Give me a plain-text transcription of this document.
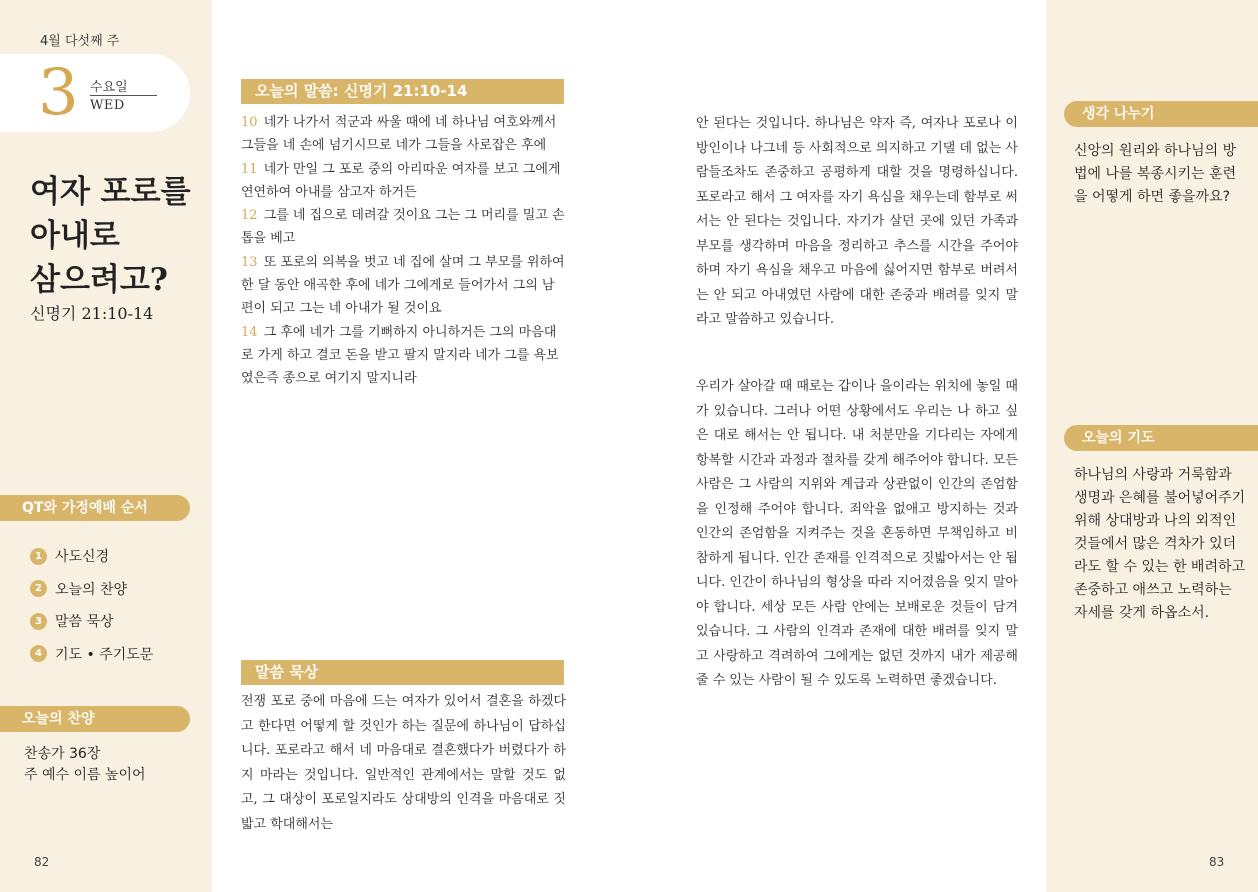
4월 다섯째 주
3 수요일
WED
여자 포로를
아내로
삼으려고?
신명기 21:10-14
QT와 가정예배 순서
1 사도신경
2 오늘의 찬양
3 말씀 묵상
4 기도 • 주기도문
오늘의 찬양
찬송가 36장
주 예수 이름 높이어
82
오늘의 말씀: 신명기 21:10-14
10 네가 나가서 적군과 싸울 때에 네 하나님 여호와께서 그들을 네 손에 넘기시므로 네가 그들을 사로잡은 후에
11 네가 만일 그 포로 중의 아리따운 여자를 보고 그에게 연연하여 아내를 삼고자 하거든
12 그를 네 집으로 데려갈 것이요 그는 그 머리를 밀고 손톱을 베고
13 또 포로의 의복을 벗고 네 집에 살며 그 부모를 위하여 한 달 동안 애곡한 후에 네가 그에게로 들어가서 그의 남편이 되고 그는 네 아내가 될 것이요
14 그 후에 네가 그를 기뻐하지 아니하거든 그의 마음대로 가게 하고 결코 돈을 받고 팔지 말지라 네가 그를 욕보였은즉 종으로 여기지 말지니라
말씀 묵상

전쟁 포로 중에 마음에 드는 여자가 있어서 결혼을 하겠다고 한다면 어떻게 할 것인가 하는 질문에 하나님이 답하십니다. 포로라고 해서 네 마음대로 결혼했다가 버렸다가 하지 마라는 것입니다. 일반적인 관계에서는 말할 것도 없고, 그 대상이 포로일지라도 상대방의 인격을 마음대로 짓밟고 학대해서는

안 된다는 것입니다. 하나님은 약자 즉, 여자나 포로나 이방인이나 나그네 등 사회적으로 의지하고 기댈 데 없는 사람들조차도 존중하고 공평하게 대할 것을 명령하십니다. 포로라고 해서 그 여자를 자기 욕심을 채우는데 함부로 써서는 안 된다는 것입니다. 자기가 살던 곳에 있던 가족과 부모를 생각하며 마음을 정리하고 추스를 시간을 주어야 하며 자기 욕심을 채우고 마음에 싫어지면 함부로 버려서는 안 되고 아내였던 사람에 대한 존중과 배려를 잊지 말라고 말씀하고 있습니다.

우리가 살아갈 때 때로는 갑이나 을이라는 위치에 놓일 때가 있습니다. 그러나 어떤 상황에서도 우리는 나 하고 싶은 대로 해서는 안 됩니다. 내 처분만을 기다리는 자에게 항복할 시간과 과정과 절차를 갖게 해주어야 합니다. 모든 사람은 그 사람의 지위와 계급과 상관없이 인간의 존엄함을 인정해 주어야 합니다. 죄악을 없애고 방지하는 것과 인간의 존엄함을 지켜주는 것을 혼동하면 무책임하고 비참하게 됩니다. 인간 존재를 인격적으로 짓밟아서는 안 됩니다. 인간이 하나님의 형상을 따라 지어졌음을 잊지 말아야 합니다. 세상 모든 사람 안에는 보배로운 것들이 담겨 있습니다. 그 사람의 인격과 존재에 대한 배려를 잊지 말고 사랑하고 격려하여 그에게는 없던 것까지 내가 제공해 줄 수 있는 사람이 될 수 있도록 노력하면 좋겠습니다.

생각 나누기

신앙의 원리와 하나님의 방법에 나를 복종시키는 훈련을 어떻게 하면 좋을까요?

오늘의 기도

하나님의 사랑과 거룩함과 생명과 은혜를 불어넣어주기 위해 상대방과 나의 외적인 것들에서 많은 격차가 있더라도 할 수 있는 한 배려하고 존중하고 애쓰고 노력하는 자세를 갖게 하옵소서.

83
